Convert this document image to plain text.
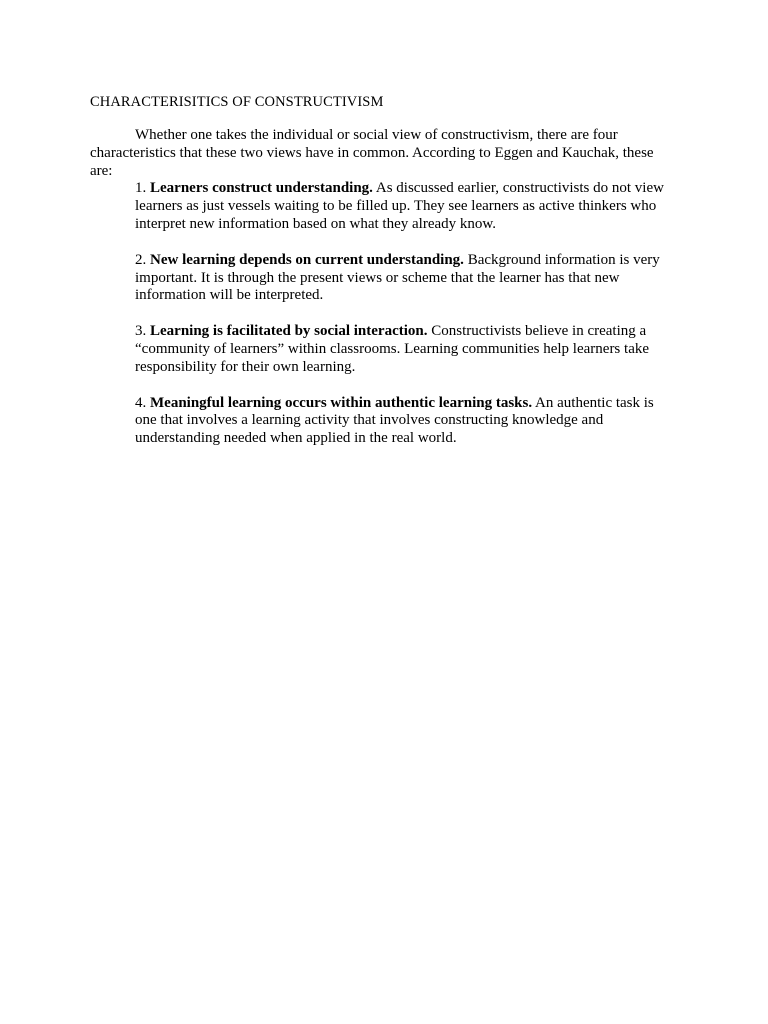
CHARACTERISITICS OF CONSTRUCTIVISM

Whether one takes the individual or social view of constructivism, there are four characteristics that these two views have in common. According to Eggen and Kauchak, these are:

1. Learners construct understanding. As discussed earlier, constructivists do not view learners as just vessels waiting to be filled up. They see learners as active thinkers who interpret new information based on what they already know.

2. New learning depends on current understanding. Background information is very important. It is through the present views or scheme that the learner has that new information will be interpreted.

3. Learning is facilitated by social interaction. Constructivists believe in creating a “community of learners” within classrooms. Learning communities help learners take responsibility for their own learning.

4. Meaningful learning occurs within authentic learning tasks. An authentic task is one that involves a learning activity that involves constructing knowledge and understanding needed when applied in the real world.
